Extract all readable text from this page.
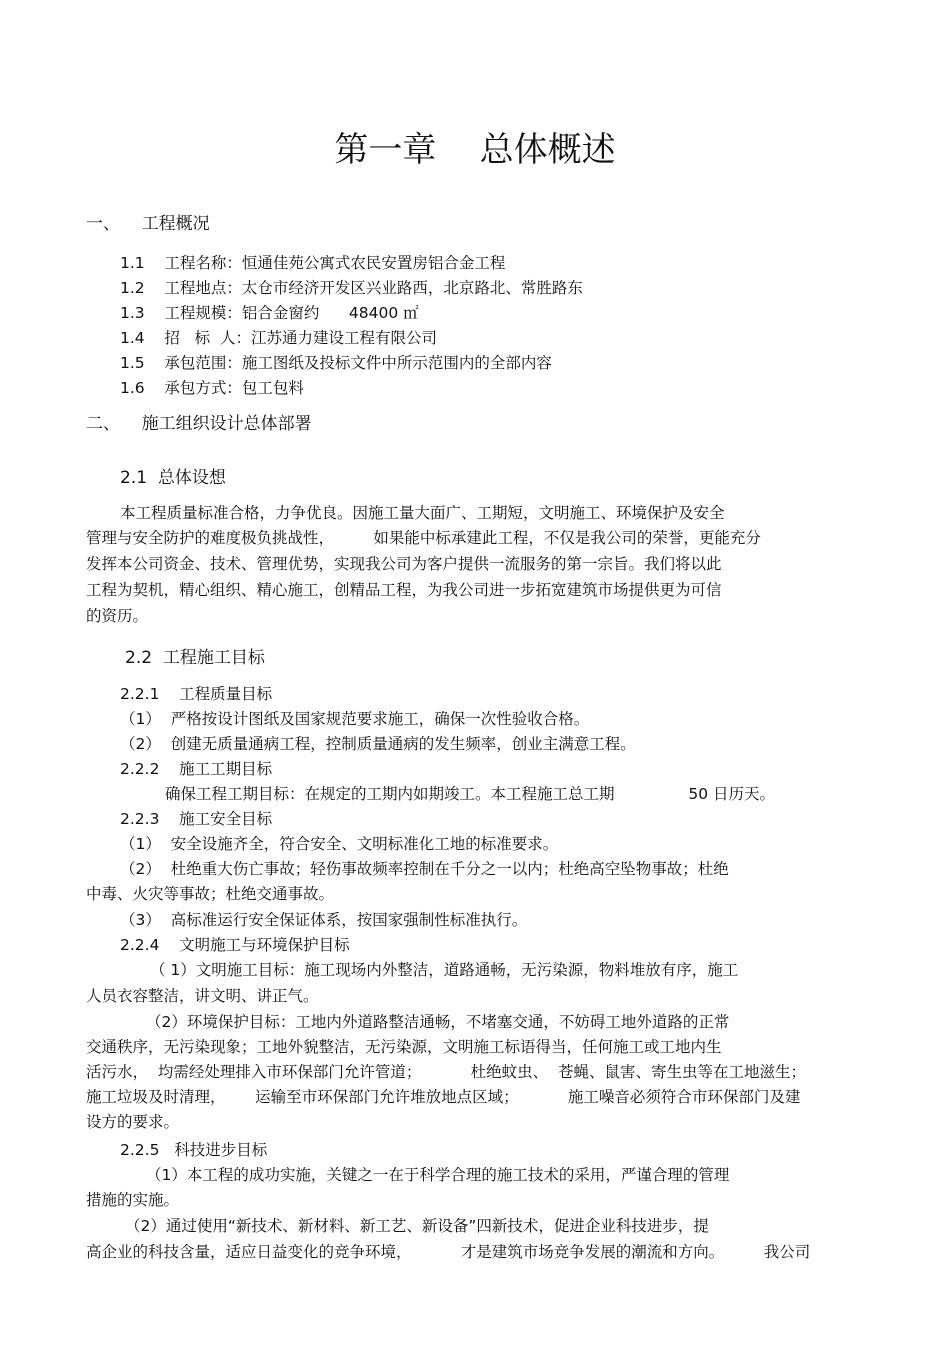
第一章    总体概述
一、    工程概况
1.1    工程名称：恒通佳苑公寓式农民安置房铝合金工程
1.2    工程地点：太仓市经济开发区兴业路西，北京路北、常胜路东
1.3    工程规模：铝合金窗约      48400 ㎡
1.4    招   标  人：江苏通力建设工程有限公司
1.5    承包范围：施工图纸及投标文件中所示范围内的全部内容
1.6    承包方式：包工包料
二、    施工组织设计总体部署
2.1  总体设想
本工程质量标准合格，力争优良。因施工量大面广、工期短，文明施工、环境保护及安全
管理与安全防护的难度极负挑战性，        如果能中标承建此工程，不仅是我公司的荣誉，更能充分
发挥本公司资金、技术、管理优势，实现我公司为客户提供一流服务的第一宗旨。我们将以此
工程为契机，精心组织、精心施工，创精品工程，为我公司进一步拓宽建筑市场提供更为可信
的资历。
2.2  工程施工目标
2.2.1    工程质量目标
（1）  严格按设计图纸及国家规范要求施工，确保一次性验收合格。
（2）  创建无质量通病工程，控制质量通病的发生频率，创业主满意工程。
2.2.2    施工工期目标
确保工程工期目标：在规定的工期内如期竣工。本工程施工总工期               50 日历天。
2.2.3    施工安全目标
（1）  安全设施齐全，符合安全、文明标准化工地的标准要求。
（2）  杜绝重大伤亡事故；轻伤事故频率控制在千分之一以内；杜绝高空坠物事故；杜绝
中毒、火灾等事故；杜绝交通事故。
（3）  高标准运行安全保证体系，按国家强制性标准执行。
2.2.4    文明施工与环境保护目标
（ 1）文明施工目标：施工现场内外整洁，道路通畅，无污染源，物料堆放有序，施工
人员衣容整洁，讲文明、讲正气。
（2）环境保护目标：工地内外道路整洁通畅，不堵塞交通，不妨碍工地外道路的正常
交通秩序，无污染现象；工地外貌整洁，无污染源，文明施工标语得当，任何施工或工地内生
活污水，  均需经处理排入市环保部门允许管道；          杜绝蚊虫、  苍蝇、鼠害、寄生虫等在工地滋生；
施工垃圾及时清理，      运输至市环保部门允许堆放地点区域；          施工噪音必须符合市环保部门及建
设方的要求。
2.2.5   科技进步目标
（1）本工程的成功实施，关键之一在于科学合理的施工技术的采用，严谨合理的管理
措施的实施。
（2）通过使用“新技术、新材料、新工艺、新设备”四新技术，促进企业科技进步，提
高企业的科技含量，适应日益变化的竞争环境，          才是建筑市场竞争发展的潮流和方向。        我公司
